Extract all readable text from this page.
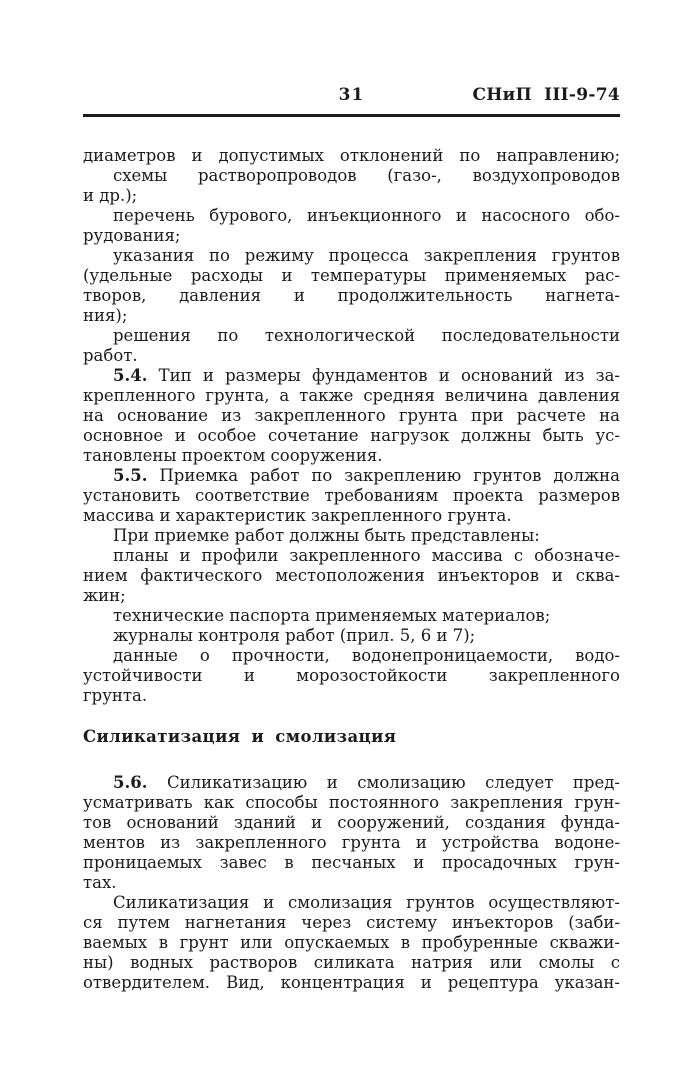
31	СНиП III-9-74
диаметров и допустимых отклонений по направлению;
схемы растворопроводов (газо-, воздухопроводов
и др.);
перечень бурового, инъекционного и насосного обо-
рудования;
указания по режиму процесса закрепления грунтов
(удельные расходы и температуры применяемых рас-
творов, давления и продолжительность нагнета-
ния);
решения по технологической последовательности
работ.
5.4. Тип и размеры фундаментов и оснований из за-
крепленного грунта, а также средняя величина давления
на основание из закрепленного грунта при расчете на
основное и особое сочетание нагрузок должны быть ус-
тановлены проектом сооружения.
5.5. Приемка работ по закреплению грунтов должна
установить соответствие требованиям проекта размеров
массива и характеристик закрепленного грунта.
При приемке работ должны быть представлены:
планы и профили закрепленного массива с обозначе-
нием фактического местоположения инъекторов и сква-
жин;
технические паспорта применяемых материалов;
журналы контроля работ (прил. 5, 6 и 7);
данные о прочности, водонепроницаемости, водо-
устойчивости и морозостойкости закрепленного
грунта.
Силикатизация и смолизация
5.6. Силикатизацию и смолизацию следует пред-
усматривать как способы постоянного закрепления грун-
тов оснований зданий и сооружений, создания фунда-
ментов из закрепленного грунта и устройства водоне-
проницаемых завес в песчаных и просадочных грун-
тах.
Силикатизация и смолизация грунтов осуществляют-
ся путем нагнетания через систему инъекторов (заби-
ваемых в грунт или опускаемых в пробуренные скважи-
ны) водных растворов силиката натрия или смолы с
отвердителем. Вид, концентрация и рецептура указан-
